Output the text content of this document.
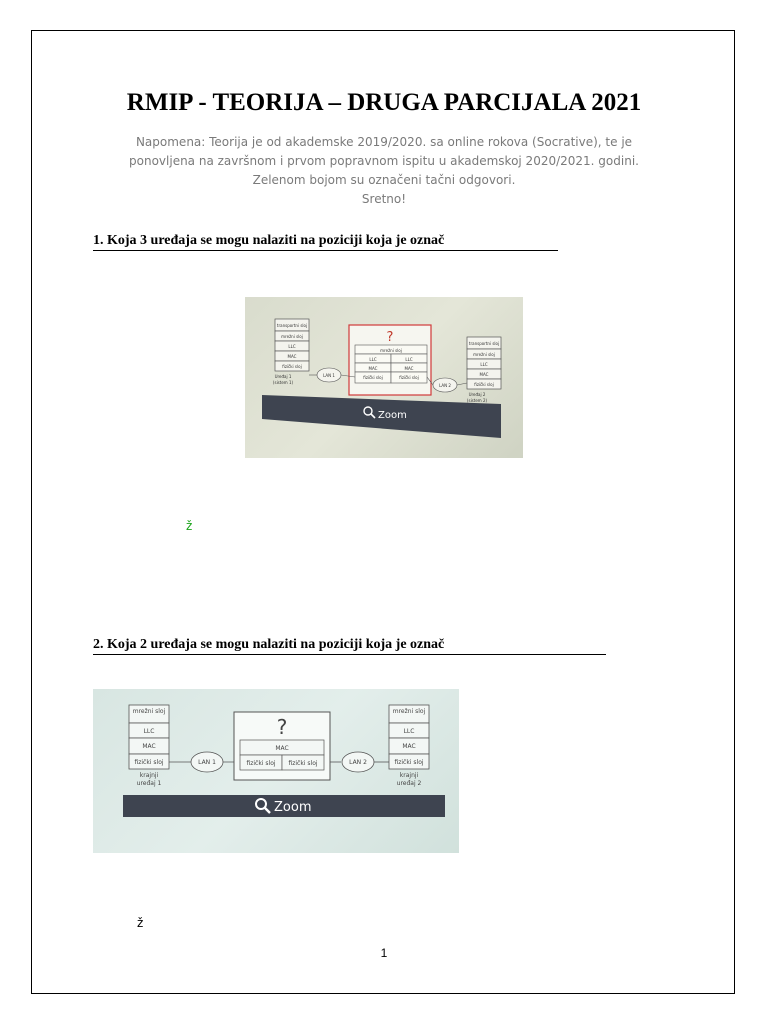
RMIP - TEORIJA – DRUGA PARCIJALA 2021
Napomena: Teorija je od akademske 2019/2020. sa online rokova (Socrative), te je
ponovljena na završnom i prvom popravnom ispitu u akademskoj 2020/2021. godini.
Zelenom bojom su označeni tačni odgovori.
Sretno!
1. Koja 3 uređaja se mogu nalaziti na poziciji koja je označ
transportni sloj
mrežni sloj
LLC
MAC
fizički sloj
Uređaj 1
(sistem 1)
?
mrežni sloj
LLC	LLC
MAC	MAC
fizički sloj	fizički sloj
LAN 1
LAN 2
transportni sloj
mrežni sloj
LLC
MAC
fizički sloj
Uređaj 2
(sistem 2)
Zoom
ž
2. Koja 2 uređaja se mogu nalaziti na poziciji koja je označ
mrežni sloj
LLC
MAC
fizički sloj
krajnji
uređaj 1
LAN 1
?
MAC
fizički sloj fizički sloj	LAN 2
mrežni sloj
LLC
MAC
fizički sloj
krajnji
uređaj 2
Zoom
ž
1
